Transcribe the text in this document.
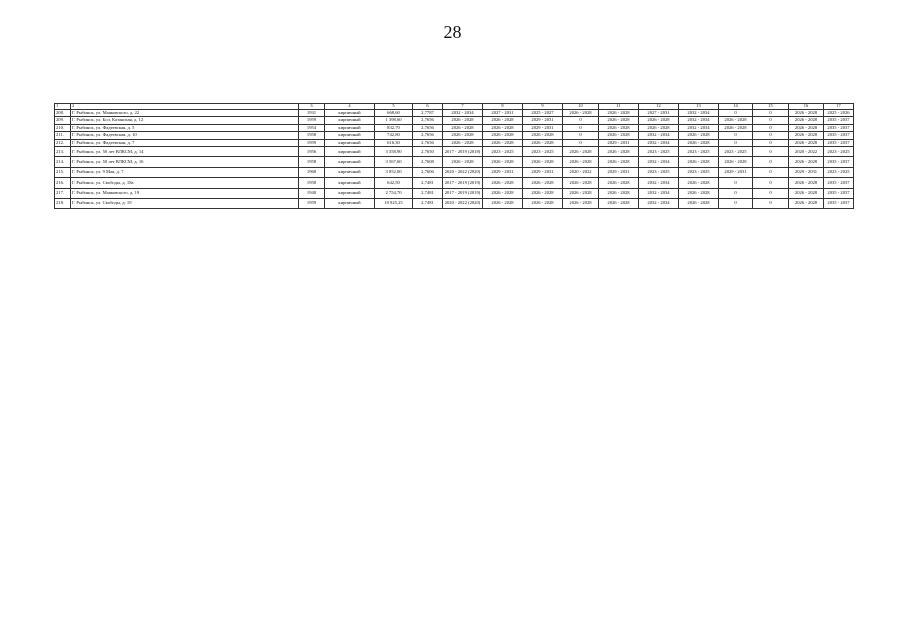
28
1	2	3	4	5	6	7	8	9	10	11	12	13	14	15	16	17
208.	Г. Рыбинск, ул. Маяковского, д. 22	1931	кирпичный	668,60	2,7787	2032 - 2034	2027 - 2031	2025 - 2027	2026 - 2028	2026 - 2028	2027 - 2031	2032 - 2034	0	0	2026 - 2028	2025 - 2026
209.	Г. Рыбинск, ул. Бол. Казанская, д. 12	1959	кирпичный	1 398,60	2,7656	2026 - 2028	2026 - 2028	2029 - 2031	0	2026 - 2028	2026 - 2028	2032 - 2034	2026 - 2028	0	2026 - 2028	2035 - 2037
210.	Г. Рыбинск, ул. Фадеевская, д. 5	1954	кирпичный	832,70	2,7656	2026 - 2028	2026 - 2028	2029 - 2031	0	2026 - 2028	2026 - 2028	2032 - 2034	2026 - 2028	0	2026 - 2028	2035 - 2037
211.	Г. Рыбинск, ул. Фадеевская, д. 10	1958	кирпичный	742,80	2,7656	2026 - 2028	2026 - 2028	2026 - 2028	0	2026 - 2028	2032 - 2034	2026 - 2028	0	0	2026 - 2028	2035 - 2037
212.	Г. Рыбинск, ул. Фадеевская, д. 7	1959	кирпичный	616,30	2,7656	2026 - 2028	2026 - 2028	2026 - 2028	0	2029 - 2031	2032 - 2034	2026 - 2028	0	0	2026 - 2028	2035 - 2037
213.	Г. Рыбинск, ул. 50 лет ВЛКСМ, д. 14	1956	кирпичный	3 358,90	2,7650	2017 - 2019 (2018)	2023 - 2025	2023 - 2025	2026 - 2028	2026 - 2028	2023 - 2025	2023 - 2025	2023 - 2025	0	2020 - 2022	2023 - 2025
214.	Г. Рыбинск, ул. 50 лет ВЛКСМ, д. 16	1958	кирпичный	3 567,60	2,7608	2026 - 2028	2026 - 2028	2026 - 2028	2026 - 2028	2026 - 2028	2032 - 2034	2026 - 2028	2026 - 2028	0	2026 - 2028	2035 - 2037
215.	Г. Рыбинск, ул. 9 Мая, д. 7	1968	кирпичный	3 852,00	2,7606	2020 - 2022 (2020)	2029 - 2031	2029 - 2031	2020 - 2022	2029 - 2031	2023 - 2025	2023 - 2025	2029 - 2031	0	2029 - 2031	2023 - 2025
216.	Г. Рыбинск, ул. Свободы, д. 18а	1958	кирпичный	642,50	2,7481	2017 - 2019 (2019)	2026 - 2028	2026 - 2028	2026 - 2028	2026 - 2028	2032 - 2034	2026 - 2028	0	0	2026 - 2028	2035 - 2037
217.	Г. Рыбинск, ул. Маяковского, д. 19	1940	кирпичный	2 754,70	2,7481	2017 - 2019 (2019)	2026 - 2028	2026 - 2028	2026 - 2028	2026 - 2028	2032 - 2034	2026 - 2028	0	0	2026 - 2028	2035 - 2037
218.	Г. Рыбинск, ул. Свободы, д. 19	1959	кирпичный	10 925,25	2,7481	2020 - 2022 (2020)	2026 - 2028	2026 - 2028	2026 - 2028	2026 - 2028	2032 - 2034	2026 - 2028	0	0	2026 - 2028	2035 - 2037
